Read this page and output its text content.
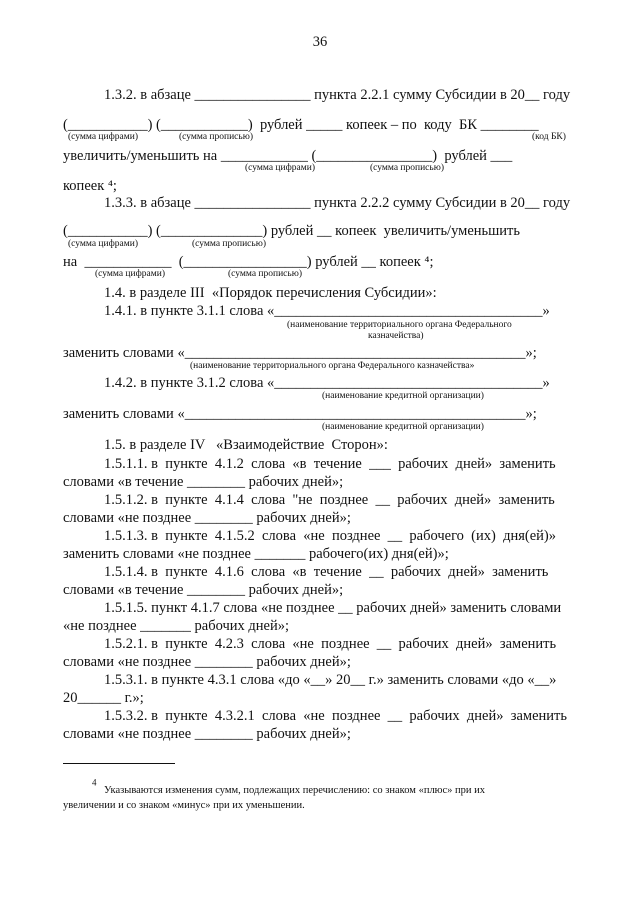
36
1.3.2. в абзаце ________________ пункта 2.2.1 сумму Субсидии в 20__ году
(___________) (____________)  рублей _____ копеек – по  коду  БК ________
увеличить/уменьшить на ____________ (________________)  рублей ___
копеек ⁴;
1.3.3. в абзаце ________________ пункта 2.2.2 сумму Субсидии в 20__ году
(___________) (______________) рублей __ копеек  увеличить/уменьшить
на  ____________  (_________________) рублей __ копеек ⁴;
1.4. в разделе III  «Порядок перечисления Субсидии»:
1.4.1. в пункте 3.1.1 слова «_____________________________________»
заменить словами «_______________________________________________»;
1.4.2. в пункте 3.1.2 слова «_____________________________________»
заменить словами «_______________________________________________»;
1.5. в разделе IV   «Взаимодействие  Сторон»:
1.5.1.1. в  пункте  4.1.2  слова  «в  течение  ___  рабочих  дней»  заменить
словами «в течение ________ рабочих дней»;
1.5.1.2. в  пункте  4.1.4  слова  "не  позднее  __  рабочих  дней»  заменить
словами «не позднее ________ рабочих дней»;
1.5.1.3. в  пункте  4.1.5.2  слова  «не  позднее  __  рабочего  (их)  дня(ей)»
заменить словами «не позднее _______ рабочего(их) дня(ей)»;
1.5.1.4. в  пункте  4.1.6  слова  «в  течение  __  рабочих  дней»  заменить
словами «в течение ________ рабочих дней»;
1.5.1.5. пункт 4.1.7 слова «не позднее __ рабочих дней» заменить словами
«не позднее _______ рабочих дней»;
1.5.2.1. в  пункте  4.2.3  слова  «не  позднее  __  рабочих  дней»  заменить
словами «не позднее ________ рабочих дней»;
1.5.3.1. в пункте 4.3.1 слова «до «__» 20__ г.» заменить словами «до «__»
20______ г.»;
1.5.3.2. в  пункте  4.3.2.1  слова  «не  позднее  __  рабочих  дней»  заменить
словами «не позднее ________ рабочих дней»;
(сумма цифрами)	(сумма прописью)	(код БК)
(сумма цифрами)	(сумма прописью)
(сумма цифрами)	(сумма прописью)
(сумма цифрами)	(сумма прописью)
(наименование территориального органа Федерального
казначейства)
(наименование территориального органа Федерального казначейства»
(наименование кредитной организации)
(наименование кредитной организации)
$^4$
Указываются изменения сумм, подлежащих перечислению: со знаком «плюс» при их
увеличении и со знаком «минус» при их уменьшении.
